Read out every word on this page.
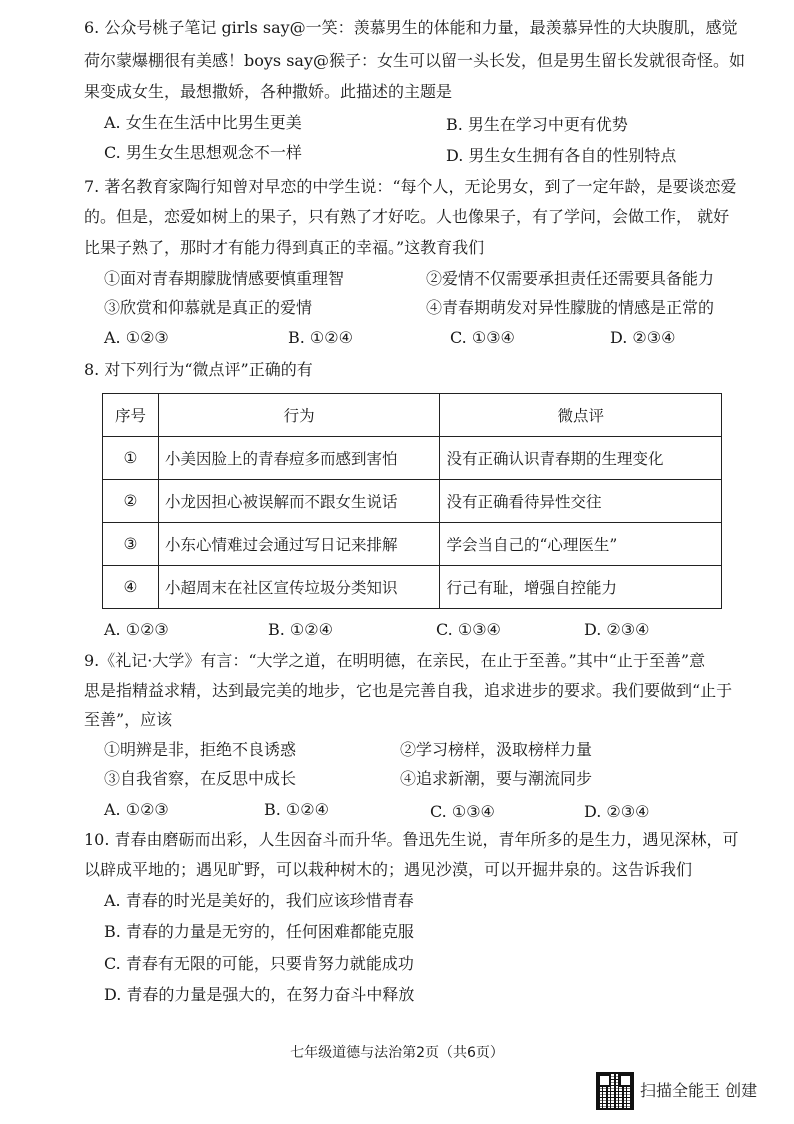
6. 公众号桃子笔记 girls say@一笑：羡慕男生的体能和力量，最羡慕异性的大块腹肌，感觉
荷尔蒙爆棚很有美感！boys say@猴子：女生可以留一头长发，但是男生留长发就很奇怪。如
果变成女生，最想撒娇，各种撒娇。此描述的主题是
A. 女生在生活中比男生更美	B. 男生在学习中更有优势
C. 男生女生思想观念不一样	D. 男生女生拥有各自的性别特点
7. 著名教育家陶行知曾对早恋的中学生说：“每个人，无论男女，到了一定年龄，是要谈恋爱
的。但是，恋爱如树上的果子，只有熟了才好吃。人也像果子，有了学问，会做工作， 就好
比果子熟了，那时才有能力得到真正的幸福。”这教育我们
①面对青春期朦胧情感要慎重理智	②爱情不仅需要承担责任还需要具备能力
③欣赏和仰慕就是真正的爱情	④青春期萌发对异性朦胧的情感是正常的
A. ①②③	B. ①②④	C. ①③④	D. ②③④
8. 对下列行为“微点评”正确的有
序号	行为	微点评
①	小美因脸上的青春痘多而感到害怕	没有正确认识青春期的生理变化
②	小龙因担心被误解而不跟女生说话	没有正确看待异性交往
③	小东心情难过会通过写日记来排解	学会当自己的“心理医生”
④	小超周末在社区宣传垃圾分类知识	行己有耻，增强自控能力
A. ①②③	B. ①②④	C. ①③④	D. ②③④
9.《礼记·大学》有言：“大学之道，在明明德，在亲民，在止于至善。”其中“止于至善”意
思是指精益求精，达到最完美的地步，它也是完善自我，追求进步的要求。我们要做到“止于
至善”，应该
①明辨是非，拒绝不良诱惑	②学习榜样，汲取榜样力量
③自我省察，在反思中成长	④追求新潮，要与潮流同步
A. ①②③	B. ①②④	C. ①③④	D. ②③④
10. 青春由磨砺而出彩，人生因奋斗而升华。鲁迅先生说，青年所多的是生力，遇见深林，可
以辟成平地的；遇见旷野，可以栽种树木的；遇见沙漠，可以开掘井泉的。这告诉我们
A. 青春的时光是美好的，我们应该珍惜青春
B. 青春的力量是无穷的，任何困难都能克服
C. 青春有无限的可能，只要肯努力就能成功
D. 青春的力量是强大的，在努力奋斗中释放
七年级道德与法治第2页（共6页）
扫描全能王 创建
